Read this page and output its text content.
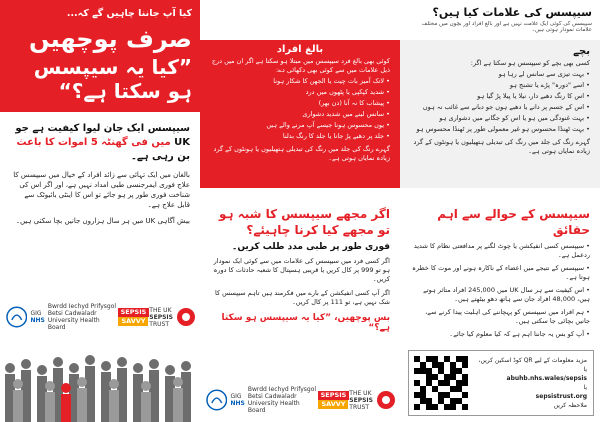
کیا آپ جاننا چاہیں گے کہ...
صرف پوچھیں
”کیا یہ سیپسس
ہو سکتا ہے؟“
سیپسس ایک جان لیوا کیفیت ہے جو UK میں فی گھنٹہ 5 اموات کا باعث بن رہی ہے۔

بالغان میں ایک تہائی سے زائد افراد کے خیال میں سیپسس کا علاج فوری ایمرجنسی طبی امداد نہیں ہے، اور اگر اس کی شناخت فوری طور پر ہو جائے تو اس کا اینٹی بائیوٹک سے قابل علاج ہے۔

بیش آگاہی UK میں ہر سال ہزاروں جانیں بچا سکتی ہیں۔

GIG
NHS
Bwrdd Iechyd Prifysgol
Betsi Cadwaladr
University Health Board
SEPSIS
SAVVY
THE UK
SEPSIS
TRUST
بالغ افراد
کوئی بھی بالغ فرد سیپسس میں مبتلا ہو سکتا ہے اگر ان میں درج ذیل علامات میں سے کوئی بھی دکھائی دے:
• لاتک آمیز بات چیت یا الجھن کا شکار ہونا
• شدید کپکپی یا پٹھوں میں درد
• پیشاب کا نہ آنا (دن بھر)
• سانس لینے میں شدید دشواری
• یوں محسوس ہونا جیسے آپ مرنے والے ہیں
• جلد پر دھبے پڑ جانا یا جلد کا رنگ بدلنا
گہرے رنگ کی جلد میں رنگ کی تبدیلی ہتھیلیوں یا ہونٹوں کے گرد زیادہ نمایاں ہوتی ہے۔
اگر مجھے سیپسس کا شبہ ہو
تو مجھے کیا کرنا چاہیئے؟
فوری طور پر طبی مدد طلب کریں۔

اگر کسی فرد میں سیپسس کی علامات میں سے کوئی ایک نمودار ہو تو 999 پر کال کریں یا قریبی ہسپتال کا شعبہ حادثات کا دورہ کریں۔

اگر آپ کسی انفیکشن کے بارے میں فکرمند ہیں تاہم سیپسس کا شک نہیں ہے، تو 111 پر کال کریں۔

بس پوچھیں، ”کیا یہ سیپسس ہو سکتا ہے؟“
GIG
NHS
Bwrdd Iechyd Prifysgol
Betsi Cadwaladr
University Health Board
SEPSIS
SAVVY
THE UK
SEPSIS
TRUST
سیپسس کی علامات کیا ہیں؟
سیپسس کی کوئی ایک علامت نہیں ہے اور بالغ افراد اور بچوں میں مختلف علامات نمودار ہوتی ہیں۔
بچے
کسی بھی بچے کو سیپسس ہو سکتا ہے اگر:
• بہت تیزی سے سانس لے رہا ہو
• اسے "دورہ" پڑے یا تشنج ہو
• اس کا رنگ دھبے دار، نیلا یا پیلا پڑ گیا ہو
• اس کے جسم پر دانے یا دھبے ہوں جو دبانے سے غائب نہ ہوں
• بہت غنودگی میں ہو یا اس کو جگانے میں دشواری ہو
• بہت ٹھنڈا محسوس ہو غیر معمولی طور پر ٹھنڈا محسوس ہو
گہرے رنگ کی جلد میں رنگ کی تبدیلی ہتھیلیوں یا ہونٹوں کے گرد زیادہ نمایاں ہوتی ہے۔
سیپسس کے حوالے سے اہم
حقائق
• سیپسس کسی انفیکشن یا چوٹ لگنے پر مدافعتی نظام کا شدید ردعمل ہے۔
• سیپسس کے نتیجے میں اعضاء کے ناکارہ ہونے اور موت کا خطرہ ہوتا ہے۔
• اس کیفیت سے ہر سال UK میں 245,000 افراد متاثر ہوتے ہیں، 48,000 افراد جان سے ہاتھ دھو بیٹھتے ہیں۔
• ہم افراد میں سیپسس کو پہچاننے کی اہلیت پیدا کرنے سے، جانیں بچائی جا سکتی ہیں۔
• آپ کو بس یہ جاننا اہم ہے کہ کیا معلوم کیا جائے۔
مزید معلومات کے لیے QR کوڈ اسکین کریں، یا
abuhb.nhs.wales/sepsis
یا
sepsistrust.org
ملاحظہ کریں
